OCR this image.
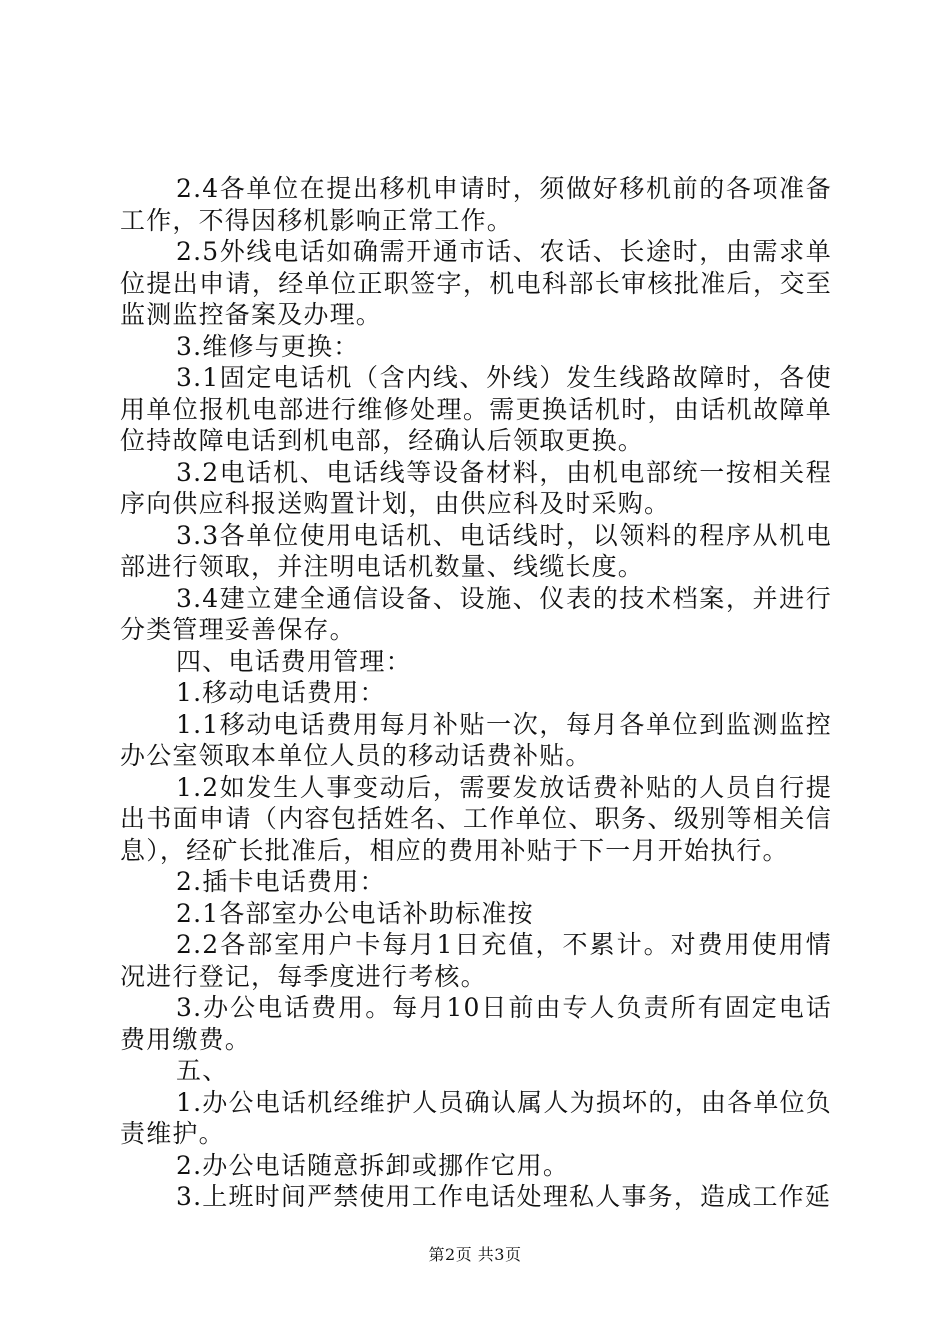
2.4各单位在提出移机申请时，须做好移机前的各项准备工作，不得因移机影响正常工作。

2.5外线电话如确需开通市话、农话、长途时，由需求单位提出申请，经单位正职签字，机电科部长审核批准后，交至监测监控备案及办理。

3.维修与更换：

3.1固定电话机（含内线、外线）发生线路故障时，各使用单位报机电部进行维修处理。需更换话机时，由话机故障单位持故障电话到机电部，经确认后领取更换。

3.2电话机、电话线等设备材料，由机电部统一按相关程序向供应科报送购置计划，由供应科及时采购。

3.3各单位使用电话机、电话线时，以领料的程序从机电部进行领取，并注明电话机数量、线缆长度。

3.4建立建全通信设备、设施、仪表的技术档案，并进行分类管理妥善保存。

四、电话费用管理：

1.移动电话费用：

1.1移动电话费用每月补贴一次，每月各单位到监测监控办公室领取本单位人员的移动话费补贴。

1.2如发生人事变动后，需要发放话费补贴的人员自行提出书面申请（内容包括姓名、工作单位、职务、级别等相关信息），经矿长批准后，相应的费用补贴于下一月开始执行。

2.插卡电话费用：

2.1各部室办公电话补助标准按

2.2各部室用户卡每月1日充值，不累计。对费用使用情况进行登记，每季度进行考核。

3.办公电话费用。每月10日前由专人负责所有固定电话费用缴费。

五、

1.办公电话机经维护人员确认属人为损坏的，由各单位负责维护。

2.办公电话随意拆卸或挪作它用。

3.上班时间严禁使用工作电话处理私人事务，造成工作延

第2页 共3页
